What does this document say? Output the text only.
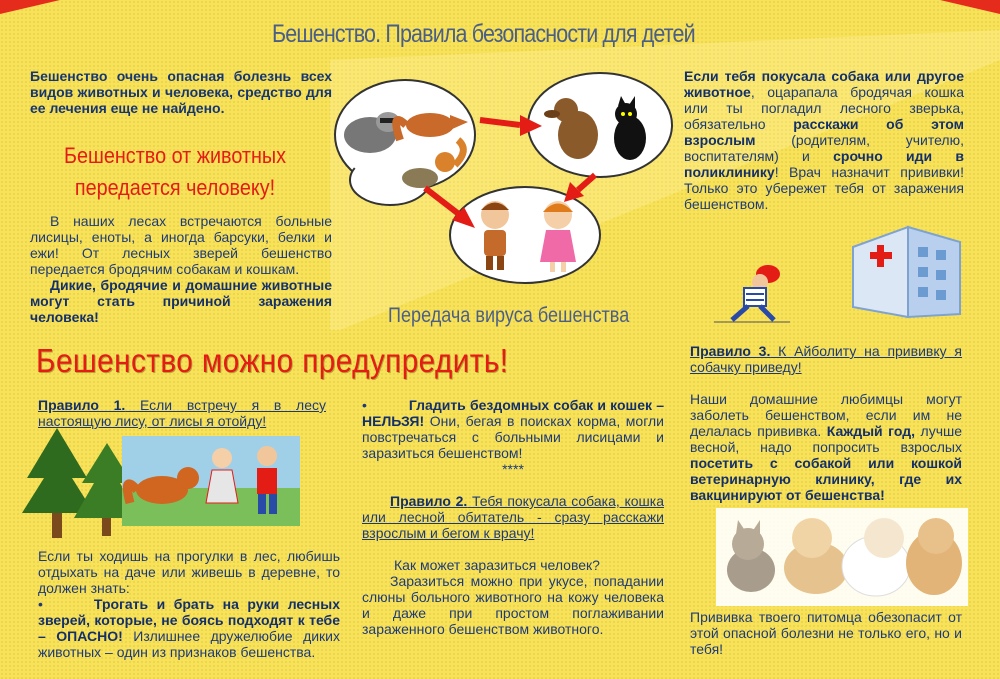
Бешенство. Правила безопасности для детей
Бешенство очень опасная болезнь всех видов животных и человека, средство для ее лечения еще не найдено.
Бешенство от животных
передается человеку!
В наших лесах встречаются больные лисицы, еноты, а иногда барсуки, белки и ежи! От лесных зверей бешенство передается бродячим собакам и кошкам.
Дикие, бродячие и домашние животные могут стать причиной заражения человека!	Передача вируса бешенства
Если тебя покусала собака или другое животное, оцарапала бродячая кошка или ты погладил лесного зверька, обязательно расскажи об этом взрослым (родителям, учителю, воспитателям) и срочно иди в поликлинику! Врач назначит прививки! Только это убережет тебя от заражения бешенством.
Бешенство можно предупредить!	Правило 3. К Айболиту на прививку я собачку приведу!
Наши домашние любимцы могут заболеть бешенством, если им не делалась прививка. Каждый год, лучше весной, надо попросить взрослых посетить с собакой или кошкой ветеринарную клинику, где их вакцинируют от бешенства!
Прививка твоего питомца обезопасит от этой опасной болезни не только его, но и тебя!
Правило 1. Если встречу я в лесу настоящую лису, от лисы я отойду!
Если ты ходишь на прогулки в лес, любишь отдыхать на даче или живешь в деревне, то должен знать:
•      Трогать и брать на руки лесных зверей, которые, не боясь подходят к тебе – ОПАСНО! Излишнее дружелюбие диких животных – один из признаков бешенства.
•          Гладить бездомных собак и кошек – НЕЛЬЗЯ! Они, бегая в поисках корма, могли повстречаться с больными лисицами и заразиться бешенством!
****
Правило 2. Тебя покусала собака, кошка или лесной обитатель - сразу расскажи взрослым и бегом к врачу!
Как может заразиться человек?
Заразиться можно при укусе, попадании слюны больного животного на кожу человека и даже при простом поглаживании зараженного бешенством животного.
